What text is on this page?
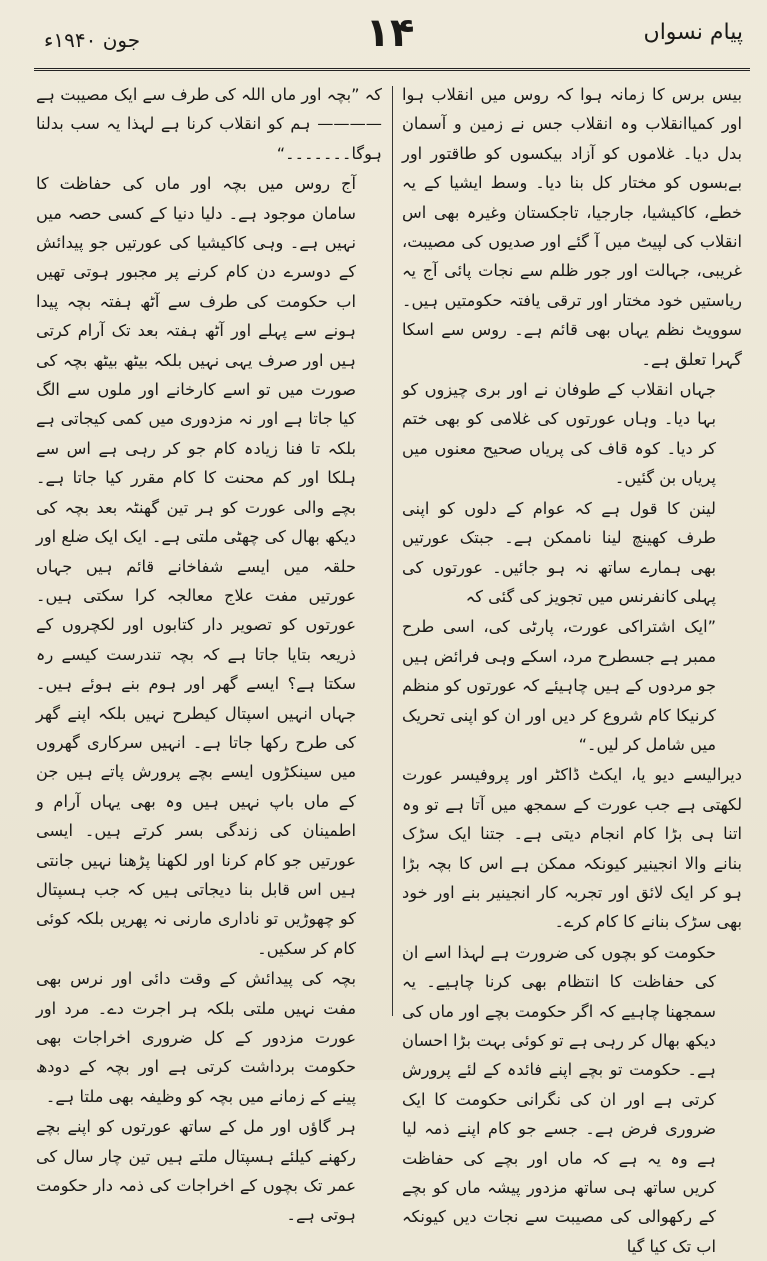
پیام نسواں
۱۴
جون ۱۹۴۰ء

بیس برس کا زمانہ ہوا کہ روس میں انقلاب ہوا اور کمیاانقلاب وہ انقلاب جس نے زمین و آسمان بدل دیا۔ غلاموں کو آزاد بیکسوں کو طاقتور اور بےبسوں کو مختار کل بنا دیا۔ وسط ایشیا کے یہ خطے، کاکیشیا، جارجیا، تاجکستان وغیرہ بھی اس انقلاب کی لپیٹ میں آ گئے اور صدیوں کی مصیبت، غریبی، جہالت اور جور ظلم سے نجات پائی آج یہ ریاستیں خود مختار اور ترقی یافتہ حکومتیں ہیں۔ سوویٹ نظم یہاں بھی قائم ہے۔ روس سے اسکا گہرا تعلق ہے۔

جہاں انقلاب کے طوفان نے اور بری چیزوں کو بہا دیا۔ وہاں عورتوں کی غلامی کو بھی ختم کر دیا۔ کوہ قاف کی پریاں صحیح معنوں میں پریاں بن گئیں۔

لینن کا قول ہے کہ عوام کے دلوں کو اپنی طرف کھینچ لینا ناممکن ہے۔ جبتک عورتیں بھی ہمارے ساتھ نہ ہو جائیں۔ عورتوں کی پہلی کانفرنس میں تجویز کی گئی کہ

”ایک اشتراکی عورت، پارٹی کی، اسی طرح ممبر ہے جسطرح مرد، اسکے وہی فرائض ہیں جو مردوں کے ہیں چاہیئے کہ عورتوں کو منظم کرنیکا کام شروع کر دیں اور ان کو اپنی تحریک میں شامل کر لیں۔“

دیرالیسے دیو یا، ایکٹ ڈاکٹر اور پروفیسر عورت لکھتی ہے جب عورت کے سمجھ میں آتا ہے تو وہ اتنا ہی بڑا کام انجام دیتی ہے۔ جتنا ایک سڑک بنانے والا انجینیر کیونکہ ممکن ہے اس کا بچہ بڑا ہو کر ایک لائق اور تجربہ کار انجینیر بنے اور خود بھی سڑک بنانے کا کام کرے۔

حکومت کو بچوں کی ضرورت ہے لہذا اسے ان کی حفاظت کا انتظام بھی کرنا چاہیے۔ یہ سمجھنا چاہیے کہ اگر حکومت بچے اور ماں کی دیکھ بھال کر رہی ہے تو کوئی بہت بڑا احسان ہے۔ حکومت تو بچے اپنے فائدہ کے لئے پرورش کرتی ہے اور ان کی نگرانی حکومت کا ایک ضروری فرض ہے۔ جسے جو کام اپنے ذمہ لیا ہے وہ یہ ہے کہ ماں اور بچے کی حفاظت کریں ساتھ ہی ساتھ مزدور پیشہ ماں کو بچے کے رکھوالی کی مصیبت سے نجات دیں کیونکہ اب تک کیا گیا

کہ ”بچہ اور ماں اللہ کی طرف سے ایک مصیبت ہے ———— ہم کو انقلاب کرنا ہے لہذا یہ سب بدلنا ہوگا۔۔۔۔۔۔۔“

آج روس میں بچہ اور ماں کی حفاظت کا سامان موجود ہے۔ دلیا دنیا کے کسی حصہ میں نہیں ہے۔ وہی کاکیشیا کی عورتیں جو پیدائش کے دوسرے دن کام کرنے پر مجبور ہوتی تھیں اب حکومت کی طرف سے آٹھ ہفتہ بچہ پیدا ہونے سے پہلے اور آٹھ ہفتہ بعد تک آرام کرتی ہیں اور صرف یہی نہیں بلکہ بیٹھ بیٹھ بچہ کی صورت میں تو اسے کارخانے اور ملوں سے الگ کیا جاتا ہے اور نہ مزدوری میں کمی کیجاتی ہے بلکہ تا فنا زیادہ کام جو کر رہی ہے اس سے ہلکا اور کم محنت کا کام مقرر کیا جاتا ہے۔ بچے والی عورت کو ہر تین گھنٹہ بعد بچہ کی دیکھ بھال کی چھٹی ملتی ہے۔ ایک ایک ضلع اور حلقہ میں ایسے شفاخانے قائم ہیں جہاں عورتیں مفت علاج معالجہ کرا سکتی ہیں۔ عورتوں کو تصویر دار کتابوں اور لکچروں کے ذریعہ بتایا جاتا ہے کہ بچہ تندرست کیسے رہ سکتا ہے؟ ایسے گھر اور ہوم بنے ہوئے ہیں۔ جہاں انہیں اسپتال کیطرح نہیں بلکہ اپنے گھر کی طرح رکھا جاتا ہے۔ انہیں سرکاری گھروں میں سینکڑوں ایسے بچے پرورش پاتے ہیں جن کے ماں باپ نہیں ہیں وہ بھی یہاں آرام و اطمینان کی زندگی بسر کرتے ہیں۔ ایسی عورتیں جو کام کرنا اور لکھنا پڑھنا نہیں جانتی ہیں اس قابل بنا دیجاتی ہیں کہ جب ہسپتال کو چھوڑیں تو ناداری مارنی نہ پھریں بلکہ کوئی کام کر سکیں۔

بچہ کی پیدائش کے وقت دائی اور نرس بھی مفت نہیں ملتی بلکہ ہر اجرت دے۔ مرد اور عورت مزدور کے کل ضروری اخراجات بھی حکومت برداشت کرتی ہے اور بچہ کے دودھ پینے کے زمانے میں بچہ کو وظیفہ بھی ملتا ہے۔

ہر گاؤں اور مل کے ساتھ عورتوں کو اپنے بچے رکھنے کیلئے ہسپتال ملتے ہیں تین چار سال کی عمر تک بچوں کے اخراجات کی ذمہ دار حکومت ہوتی ہے۔
